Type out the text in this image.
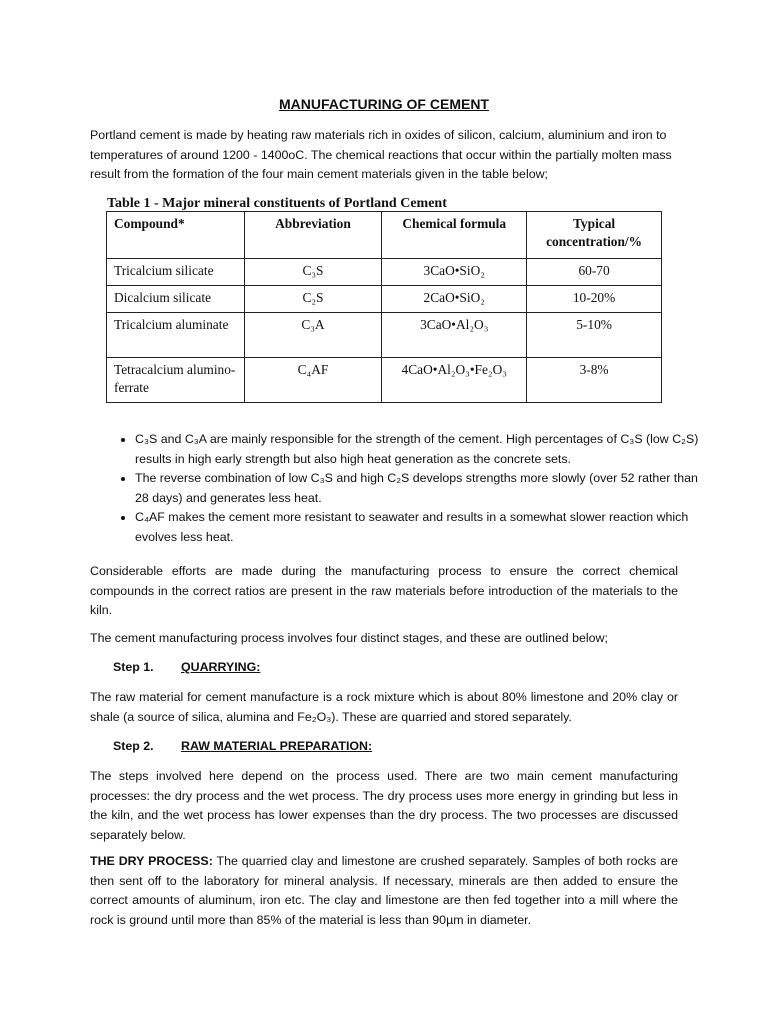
MANUFACTURING OF CEMENT

Portland cement is made by heating raw materials rich in oxides of silicon, calcium, aluminium and iron to temperatures of around 1200 - 1400oC. The chemical reactions that occur within the partially molten mass result from the formation of the four main cement materials given in the table below;

Table 1 - Major mineral constituents of Portland Cement
Compound*	Abbreviation	Chemical formula	Typical concentration/%
Tricalcium silicate	C₃S	3CaO•SiO₂	60-70
Dicalcium silicate	C₂S	2CaO•SiO₂	10-20%
Tricalcium aluminate	C₃A	3CaO•Al₂O₃	5-10%
Tetracalcium alumino-ferrate	C₄AF	4CaO•Al₂O₃•Fe₂O₃	3-8%
• C₃S and C₃A are mainly responsible for the strength of the cement. High percentages of C₃S (low C₂S) results in high early strength but also high heat generation as the concrete sets.
• The reverse combination of low C₃S and high C₂S develops strengths more slowly (over 52 rather than 28 days) and generates less heat.
• C₄AF makes the cement more resistant to seawater and results in a somewhat slower reaction which evolves less heat.

Considerable efforts are made during the manufacturing process to ensure the correct chemical compounds in the correct ratios are present in the raw materials before introduction of the materials to the kiln.

The cement manufacturing process involves four distinct stages, and these are outlined below;

Step 1. QUARRYING:

The raw material for cement manufacture is a rock mixture which is about 80% limestone and 20% clay or shale (a source of silica, alumina and Fe₂O₃). These are quarried and stored separately.

Step 2. RAW MATERIAL PREPARATION:

The steps involved here depend on the process used. There are two main cement manufacturing processes: the dry process and the wet process. The dry process uses more energy in grinding but less in the kiln, and the wet process has lower expenses than the dry process. The two processes are discussed separately below.

THE DRY PROCESS: The quarried clay and limestone are crushed separately. Samples of both rocks are then sent off to the laboratory for mineral analysis. If necessary, minerals are then added to ensure the correct amounts of aluminum, iron etc. The clay and limestone are then fed together into a mill where the rock is ground until more than 85% of the material is less than 90µm in diameter.
